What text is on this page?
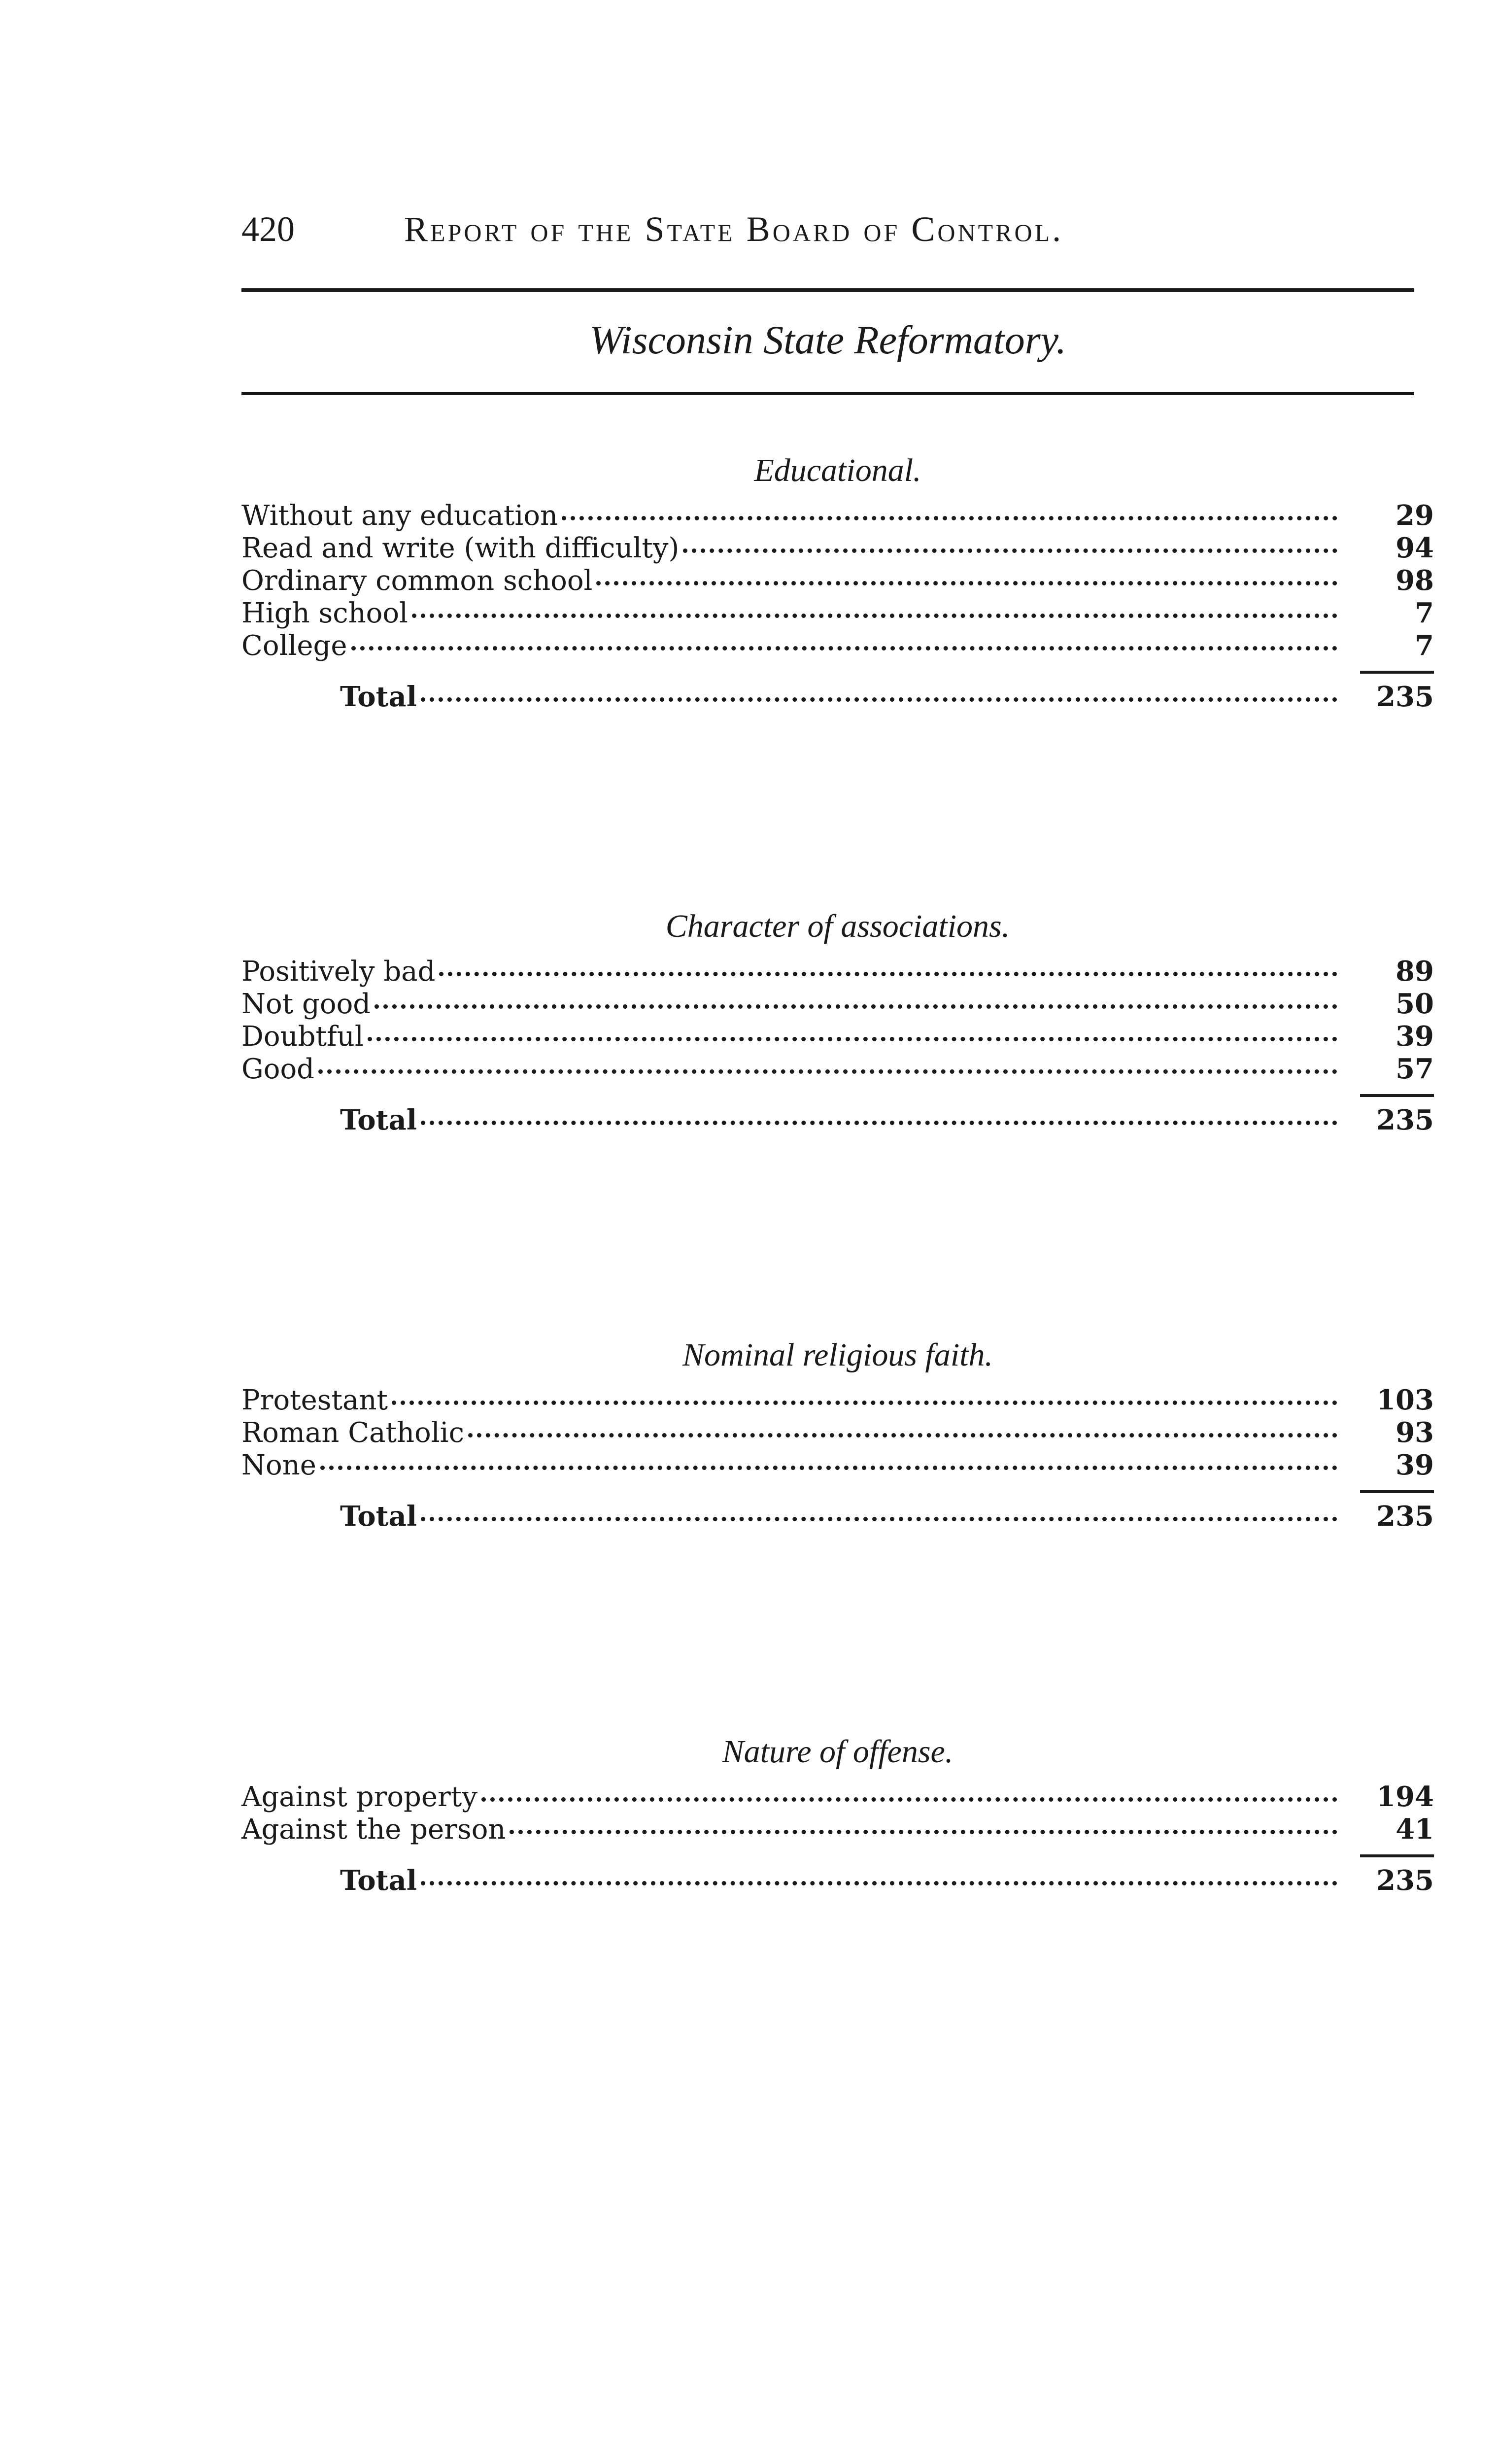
420	Report of the State Board of Control.
Wisconsin State Reformatory.
Educational.
Without any education	29
Read and write (with difficulty)	94
Ordinary common school	98
High school	7
College	7
Total	235
Character of associations.
Positively bad	89
Not good	50
Doubtful	39
Good	57
Total	235
Nominal religious faith.
Protestant	103
Roman Catholic	93
None	39
Total	235
Nature of offense.
Against property	194
Against the person	41
Total	235
